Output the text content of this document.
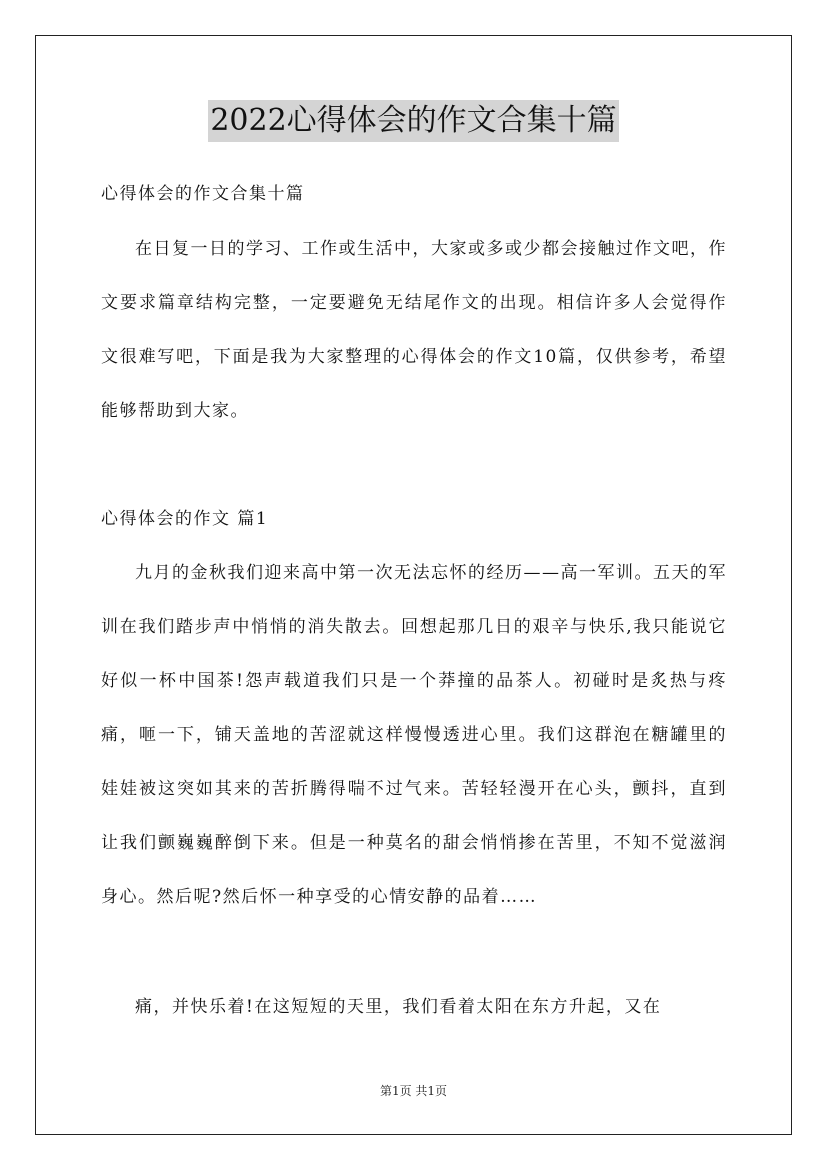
2022心得体会的作文合集十篇
心得体会的作文合集十篇

在日复一日的学习、工作或生活中，大家或多或少都会接触过作文吧，作文要求篇章结构完整，一定要避免无结尾作文的出现。相信许多人会觉得作文很难写吧，下面是我为大家整理的心得体会的作文10篇，仅供参考，希望能够帮助到大家。

心得体会的作文 篇1

九月的金秋我们迎来高中第一次无法忘怀的经历——高一军训。五天的军训在我们踏步声中悄悄的消失散去。回想起那几日的艰辛与快乐,我只能说它好似一杯中国茶!怨声载道我们只是一个莽撞的品茶人。初碰时是炙热与疼痛，咂一下，铺天盖地的苦涩就这样慢慢透进心里。我们这群泡在糖罐里的娃娃被这突如其来的苦折腾得喘不过气来。苦轻轻漫开在心头，颤抖，直到让我们颤巍巍醉倒下来。但是一种莫名的甜会悄悄掺在苦里，不知不觉滋润身心。然后呢?然后怀一种享受的心情安静的品着……

痛，并快乐着!在这短短的天里，我们看着太阳在东方升起，又在

第1页 共1页
